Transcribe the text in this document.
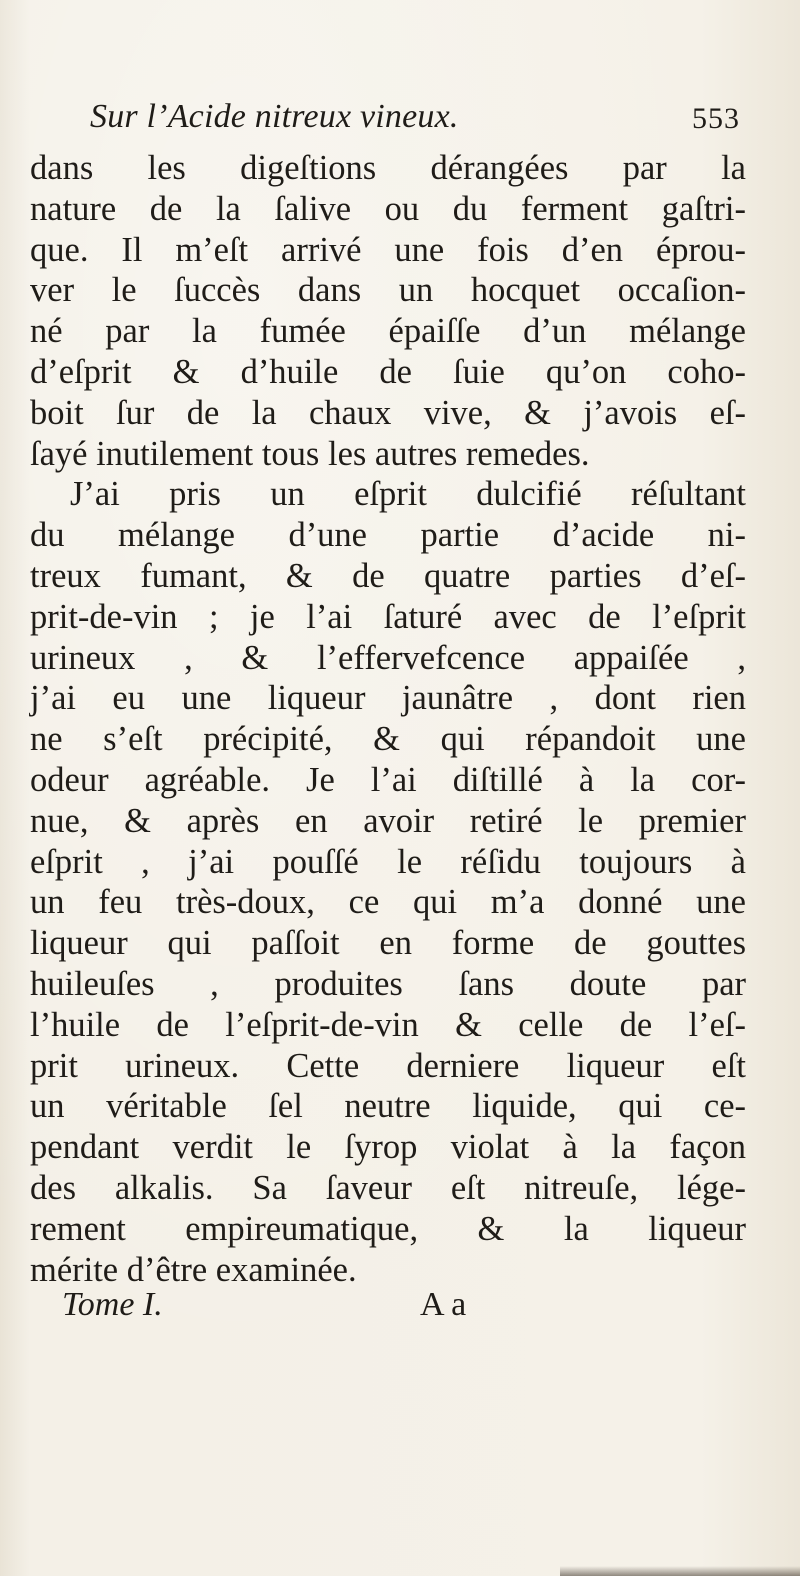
Sur l’Acide nitreux vineux.	553
dans les digeſtions dérangées par la
nature de la ſalive ou du ferment gaſtri-
que. Il m’eſt arrivé une fois d’en éprou-
ver le ſuccès dans un hocquet occaſion-
né par la fumée épaiſſe d’un mélange
d’eſprit & d’huile de ſuie qu’on coho-
boit ſur de la chaux vive, & j’avois eſ-
ſayé inutilement tous les autres remedes.
J’ai pris un eſprit dulcifié réſultant
du mélange d’une partie d’acide ni-
treux fumant, & de quatre parties d’eſ-
prit-de-vin ; je l’ai ſaturé avec de l’eſprit
urineux , & l’effervefcence appaiſée ,
j’ai eu une liqueur jaunâtre , dont rien
ne s’eſt précipité, & qui répandoit une
odeur agréable. Je l’ai diſtillé à la cor-
nue, & après en avoir retiré le premier
eſprit , j’ai pouſſé le réſidu toujours à
un feu très-doux, ce qui m’a donné une
liqueur qui paſſoit en forme de gouttes
huileuſes , produites ſans doute par
l’huile de l’eſprit-de-vin & celle de l’eſ-
prit urineux. Cette derniere liqueur eſt
un véritable ſel neutre liquide, qui ce-
pendant verdit le ſyrop violat à la façon
des alkalis. Sa ſaveur eſt nitreuſe, lége-
rement empireumatique, & la liqueur
mérite d’être examinée.
Tome I.	A a
